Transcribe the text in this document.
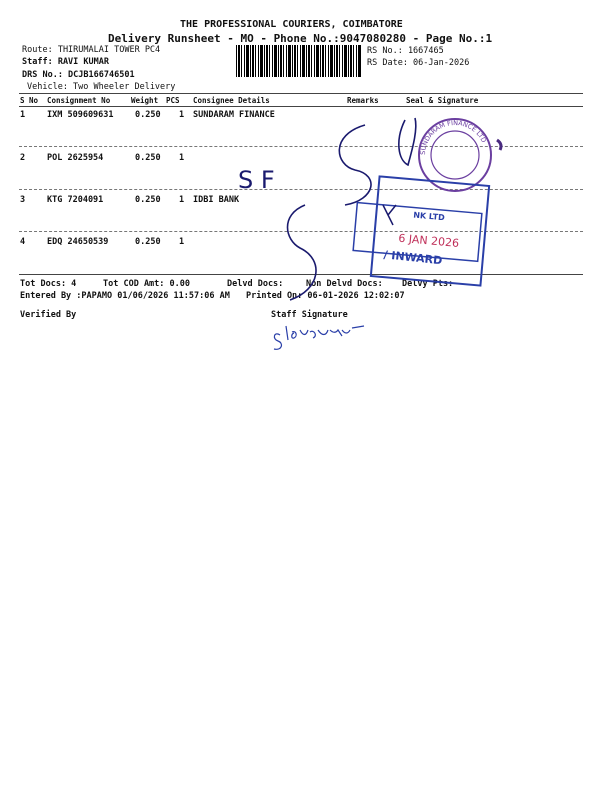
THE PROFESSIONAL COURIERS, COIMBATORE
Delivery Runsheet - MO - Phone No.:9047080280 - Page No.:1
Route: THIRUMALAI TOWER PC4
Staff: RAVI KUMAR
DRS No.: DCJB166746501
Vehicle: Two Wheeler Delivery
RS No.: 1667465
RS Date: 06-Jan-2026
S No Consignment No	Weight PCS Consignee Details	Remarks	Seal & Signature
1	IXM 509609631	0.250 1 SUNDARAM FINANCE
2	POL 2625954	0.250 1
3	KTG 7204091	0.250 1 IDBI BANK
4	EDQ 24650539	0.250 1
Tot Docs: 4	Tot COD Amt: 0.00	Delvd Docs:	Non Delvd Docs: Delvy Pts:
Entered By :PAPAMO 01/06/2026 11:57:06 AM Printed On: 06-01-2026 12:02:07
Verified By	Staff Signature
SUNDARAM FINANCE LTD
NK LTD
6 JAN 2026
/ INWARD
S F
